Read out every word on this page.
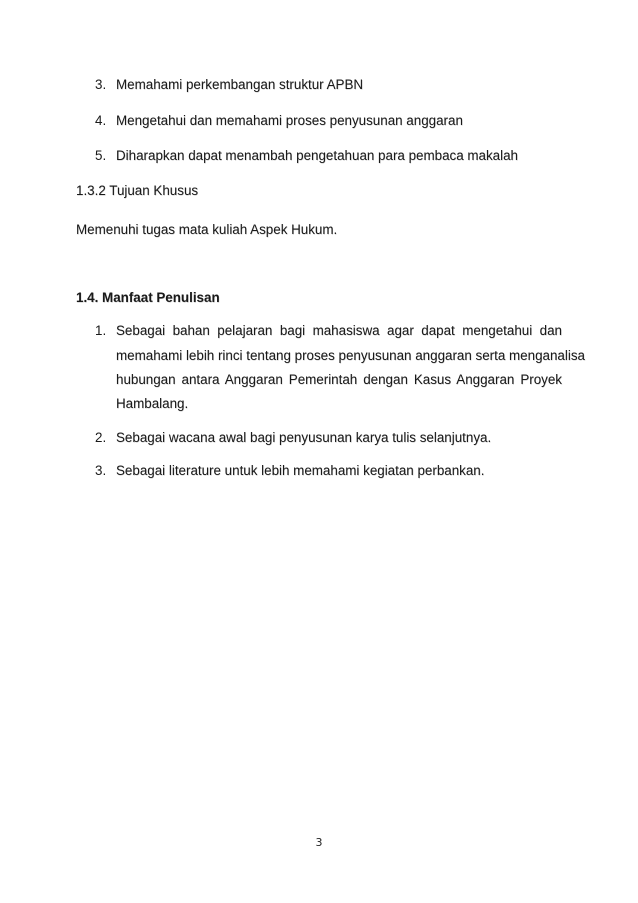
3. Memahami perkembangan struktur APBN
4. Mengetahui dan memahami proses penyusunan anggaran
5. Diharapkan dapat menambah pengetahuan para pembaca makalah
1.3.2 Tujuan Khusus
Memenuhi tugas mata kuliah Aspek Hukum.
1.4. Manfaat Penulisan
1. Sebagai bahan pelajaran bagi mahasiswa agar dapat mengetahui dan
memahami lebih rinci tentang proses penyusunan anggaran serta menganalisa
hubungan antara Anggaran Pemerintah dengan Kasus Anggaran Proyek
Hambalang.
2. Sebagai wacana awal bagi penyusunan karya tulis selanjutnya.
3. Sebagai literature untuk lebih memahami kegiatan perbankan.
3
